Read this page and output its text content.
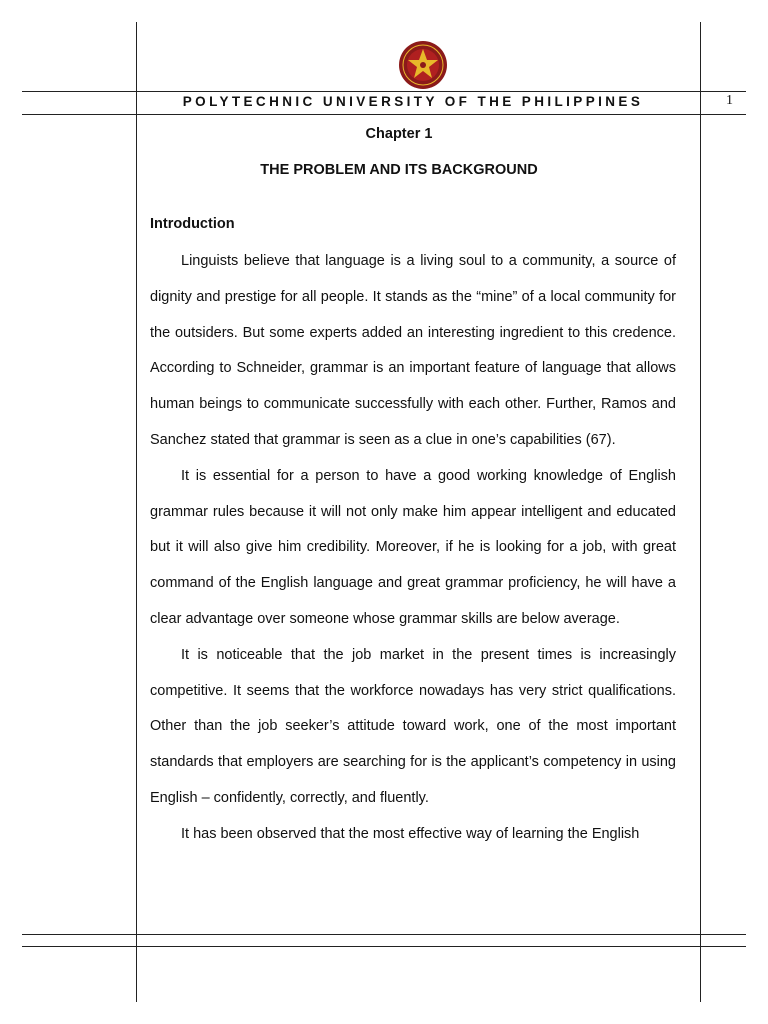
POLYTECHNIC UNIVERSITY OF THE PHILIPPINES	1
Chapter 1
THE PROBLEM AND ITS BACKGROUND
Introduction

Linguists believe that language is a living soul to a community, a source of dignity and prestige for all people. It stands as the “mine” of a local community for the outsiders. But some experts added an interesting ingredient to this credence. According to Schneider, grammar is an important feature of language that allows human beings to communicate successfully with each other. Further, Ramos and Sanchez stated that grammar is seen as a clue in one’s capabilities (67).

It is essential for a person to have a good working knowledge of English grammar rules because it will not only make him appear intelligent and educated but it will also give him credibility. Moreover, if he is looking for a job, with great command of the English language and great grammar proficiency, he will have a clear advantage over someone whose grammar skills are below average.

It is noticeable that the job market in the present times is increasingly competitive. It seems that the workforce nowadays has very strict qualifications. Other than the job seeker’s attitude toward work, one of the most important standards that employers are searching for is the applicant’s competency in using English – confidently, correctly, and fluently.

It has been observed that the most effective way of learning the English
